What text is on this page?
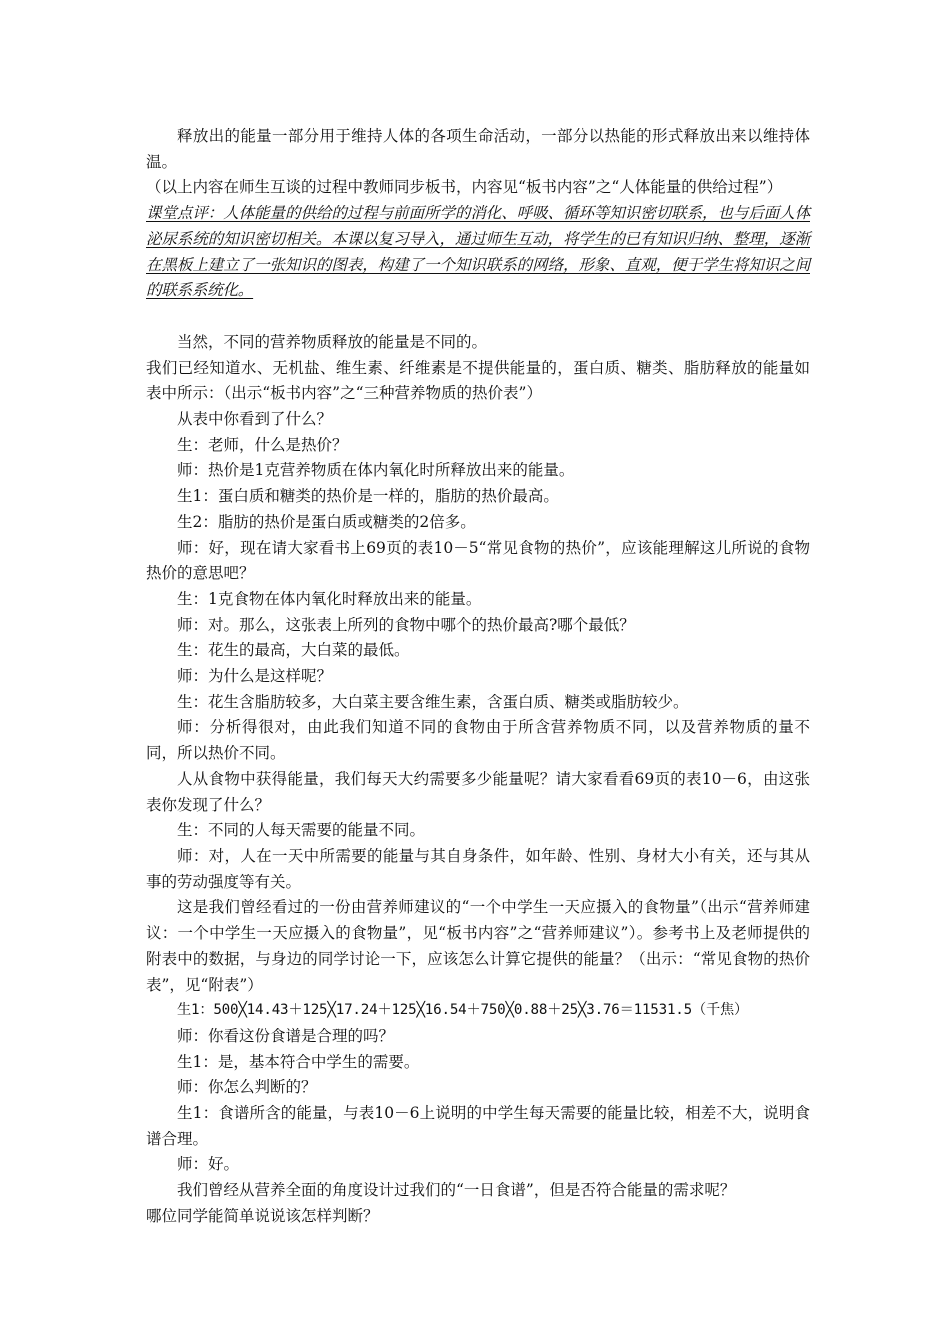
释放出的能量一部分用于维持人体的各项生命活动，一部分以热能的形式释放出来以维持体温。

（以上内容在师生互谈的过程中教师同步板书，内容见“板书内容”之“人体能量的供给过程”）

课堂点评：人体能量的供给的过程与前面所学的消化、呼吸、循环等知识密切联系，也与后面人体泌尿系统的知识密切相关。本课以复习导入，通过师生互动，将学生的已有知识归纳、整理，逐渐在黑板上建立了一张知识的图表，构建了一个知识联系的网络，形象、直观，便于学生将知识之间的联系系统化。

当然，不同的营养物质释放的能量是不同的。

我们已经知道水、无机盐、维生素、纤维素是不提供能量的，蛋白质、糖类、脂肪释放的能量如表中所示：（出示“板书内容”之“三种营养物质的热价表”）

从表中你看到了什么？

生：老师，什么是热价？

师：热价是1克营养物质在体内氧化时所释放出来的能量。

生1：蛋白质和糖类的热价是一样的，脂肪的热价最高。

生2：脂肪的热价是蛋白质或糖类的2倍多。

师：好，现在请大家看书上69页的表10－5“常见食物的热价”，应该能理解这儿所说的食物热价的意思吧？

生：1克食物在体内氧化时释放出来的能量。

师：对。那么，这张表上所列的食物中哪个的热价最高?哪个最低？

生：花生的最高，大白菜的最低。

师：为什么是这样呢？

生：花生含脂肪较多，大白菜主要含维生素，含蛋白质、糖类或脂肪较少。

师：分析得很对，由此我们知道不同的食物由于所含营养物质不同，以及营养物质的量不同，所以热价不同。

人从食物中获得能量，我们每天大约需要多少能量呢？请大家看看69页的表10－6，由这张表你发现了什么？

生：不同的人每天需要的能量不同。

师：对，人在一天中所需要的能量与其自身条件，如年龄、性别、身材大小有关，还与其从事的劳动强度等有关。

这是我们曾经看过的一份由营养师建议的“一个中学生一天应摄入的食物量”（出示“营养师建议：一个中学生一天应摄入的食物量”，见“板书内容”之“营养师建议”）。参考书上及老师提供的附表中的数据，与身边的同学讨论一下，应该怎么计算它提供的能量？（出示：“常见食物的热价表”，见“附表”）

生1：500╳14.43＋125╳17.24＋125╳16.54＋750╳0.88＋25╳3.76＝11531.5（千焦）

师：你看这份食谱是合理的吗？

生1：是，基本符合中学生的需要。

师：你怎么判断的？

生1：食谱所含的能量，与表10－6上说明的中学生每天需要的能量比较，相差不大，说明食谱合理。

师：好。

我们曾经从营养全面的角度设计过我们的“一日食谱”，但是否符合能量的需求呢？

哪位同学能简单说说该怎样判断？
